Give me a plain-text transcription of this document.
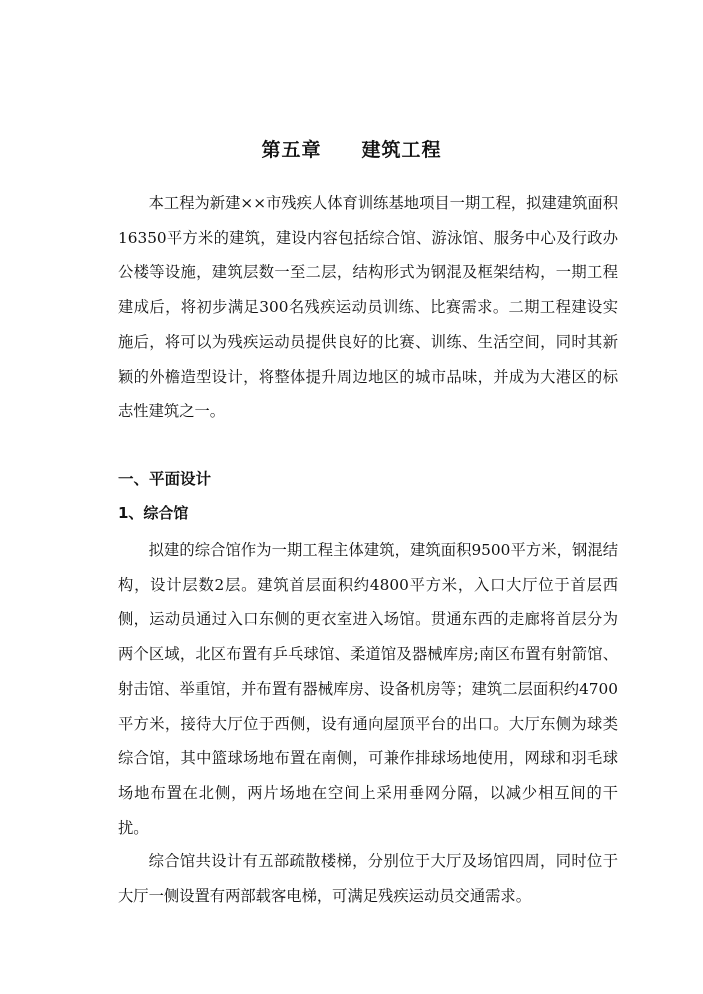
第五章　　建筑工程

本工程为新建××市残疾人体育训练基地项目一期工程，拟建建筑面积16350平方米的建筑，建设内容包括综合馆、游泳馆、服务中心及行政办公楼等设施，建筑层数一至二层，结构形式为钢混及框架结构，一期工程建成后，将初步满足300名残疾运动员训练、比赛需求。二期工程建设实施后，将可以为残疾运动员提供良好的比赛、训练、生活空间，同时其新颖的外檐造型设计，将整体提升周边地区的城市品味，并成为大港区的标志性建筑之一。

一、平面设计
1、综合馆

拟建的综合馆作为一期工程主体建筑，建筑面积9500平方米，钢混结构，设计层数2层。建筑首层面积约4800平方米，入口大厅位于首层西侧，运动员通过入口东侧的更衣室进入场馆。贯通东西的走廊将首层分为两个区域，北区布置有乒乓球馆、柔道馆及器械库房;南区布置有射箭馆、射击馆、举重馆，并布置有器械库房、设备机房等；建筑二层面积约4700平方米，接待大厅位于西侧，设有通向屋顶平台的出口。大厅东侧为球类综合馆，其中篮球场地布置在南侧，可兼作排球场地使用，网球和羽毛球场地布置在北侧，两片场地在空间上采用垂网分隔，以减少相互间的干扰。

综合馆共设计有五部疏散楼梯，分别位于大厅及场馆四周，同时位于大厅一侧设置有两部载客电梯，可满足残疾运动员交通需求。
